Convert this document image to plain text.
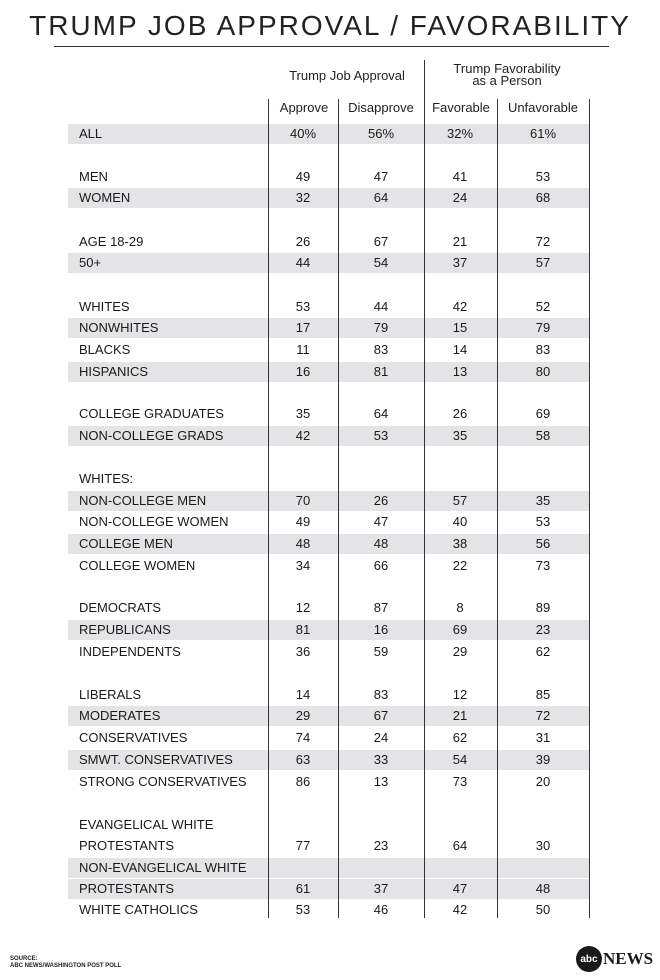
TRUMP JOB APPROVAL / FAVORABILITY
Trump Job Approval	Trump Favorability
as a Person
Approve	Disapprove	Favorable	Unfavorable
ALL	40%	56%	32%	61%
MEN	49	47	41	53
WOMEN	32	64	24	68
AGE 18-29	26	67	21	72
50+	44	54	37	57
WHITES	53	44	42	52
NONWHITES	17	79	15	79
BLACKS	11	83	14	83
HISPANICS	16	81	13	80
COLLEGE GRADUATES	35	64	26	69
NON-COLLEGE GRADS	42	53	35	58
WHITES:
NON-COLLEGE MEN	70	26	57	35
NON-COLLEGE WOMEN	49	47	40	53
COLLEGE MEN	48	48	38	56
COLLEGE WOMEN	34	66	22	73
DEMOCRATS	12	87	8	89
REPUBLICANS	81	16	69	23
INDEPENDENTS	36	59	29	62
LIBERALS	14	83	12	85
MODERATES	29	67	21	72
CONSERVATIVES	74	24	62	31
SMWT. CONSERVATIVES	63	33	54	39
STRONG CONSERVATIVES	86	13	73	20
EVANGELICAL WHITE
PROTESTANTS	77	23	64	30
NON-EVANGELICAL WHITE
PROTESTANTS	61	37	47	48
WHITE CATHOLICS	53	46	42	50
SOURCE:
ABC NEWS/WASHINGTON POST POLL
abc NEWS
